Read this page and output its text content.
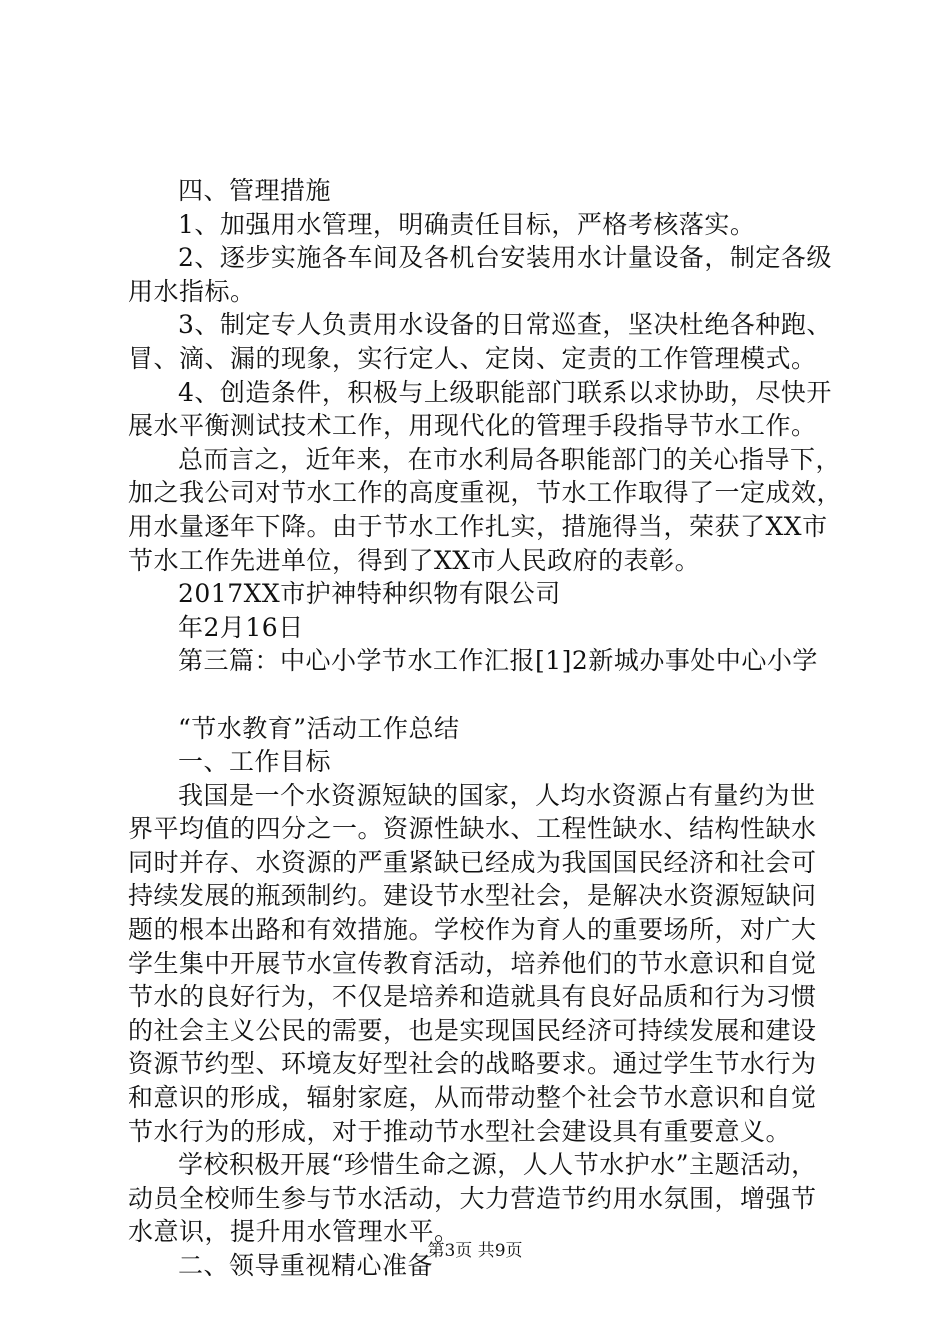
四、管理措施
1、加强用水管理，明确责任目标，严格考核落实。
2、逐步实施各车间及各机台安装用水计量设备，制定各级
用水指标。
3、制定专人负责用水设备的日常巡查，坚决杜绝各种跑、
冒、滴、漏的现象，实行定人、定岗、定责的工作管理模式。
4、创造条件，积极与上级职能部门联系以求协助，尽快开
展水平衡测试技术工作，用现代化的管理手段指导节水工作。
总而言之，近年来，在市水利局各职能部门的关心指导下，
加之我公司对节水工作的高度重视，节水工作取得了一定成效，
用水量逐年下降。由于节水工作扎实，措施得当，荣获了XX市
节水工作先进单位，得到了XX市人民政府的表彰。
2017XX市护神特种织物有限公司
年2月16日
第三篇：中心小学节水工作汇报[1]2新城办事处中心小学
“节水教育”活动工作总结
一、工作目标
我国是一个水资源短缺的国家，人均水资源占有量约为世
界平均值的四分之一。资源性缺水、工程性缺水、结构性缺水
同时并存、水资源的严重紧缺已经成为我国国民经济和社会可
持续发展的瓶颈制约。建设节水型社会，是解决水资源短缺问
题的根本出路和有效措施。学校作为育人的重要场所，对广大
学生集中开展节水宣传教育活动，培养他们的节水意识和自觉
节水的良好行为，不仅是培养和造就具有良好品质和行为习惯
的社会主义公民的需要，也是实现国民经济可持续发展和建设
资源节约型、环境友好型社会的战略要求。通过学生节水行为
和意识的形成，辐射家庭，从而带动整个社会节水意识和自觉
节水行为的形成，对于推动节水型社会建设具有重要意义。
学校积极开展“珍惜生命之源，人人节水护水”主题活动，
动员全校师生参与节水活动，大力营造节约用水氛围，增强节
水意识，提升用水管理水平。
二、领导重视精心准备
第3页 共9页
